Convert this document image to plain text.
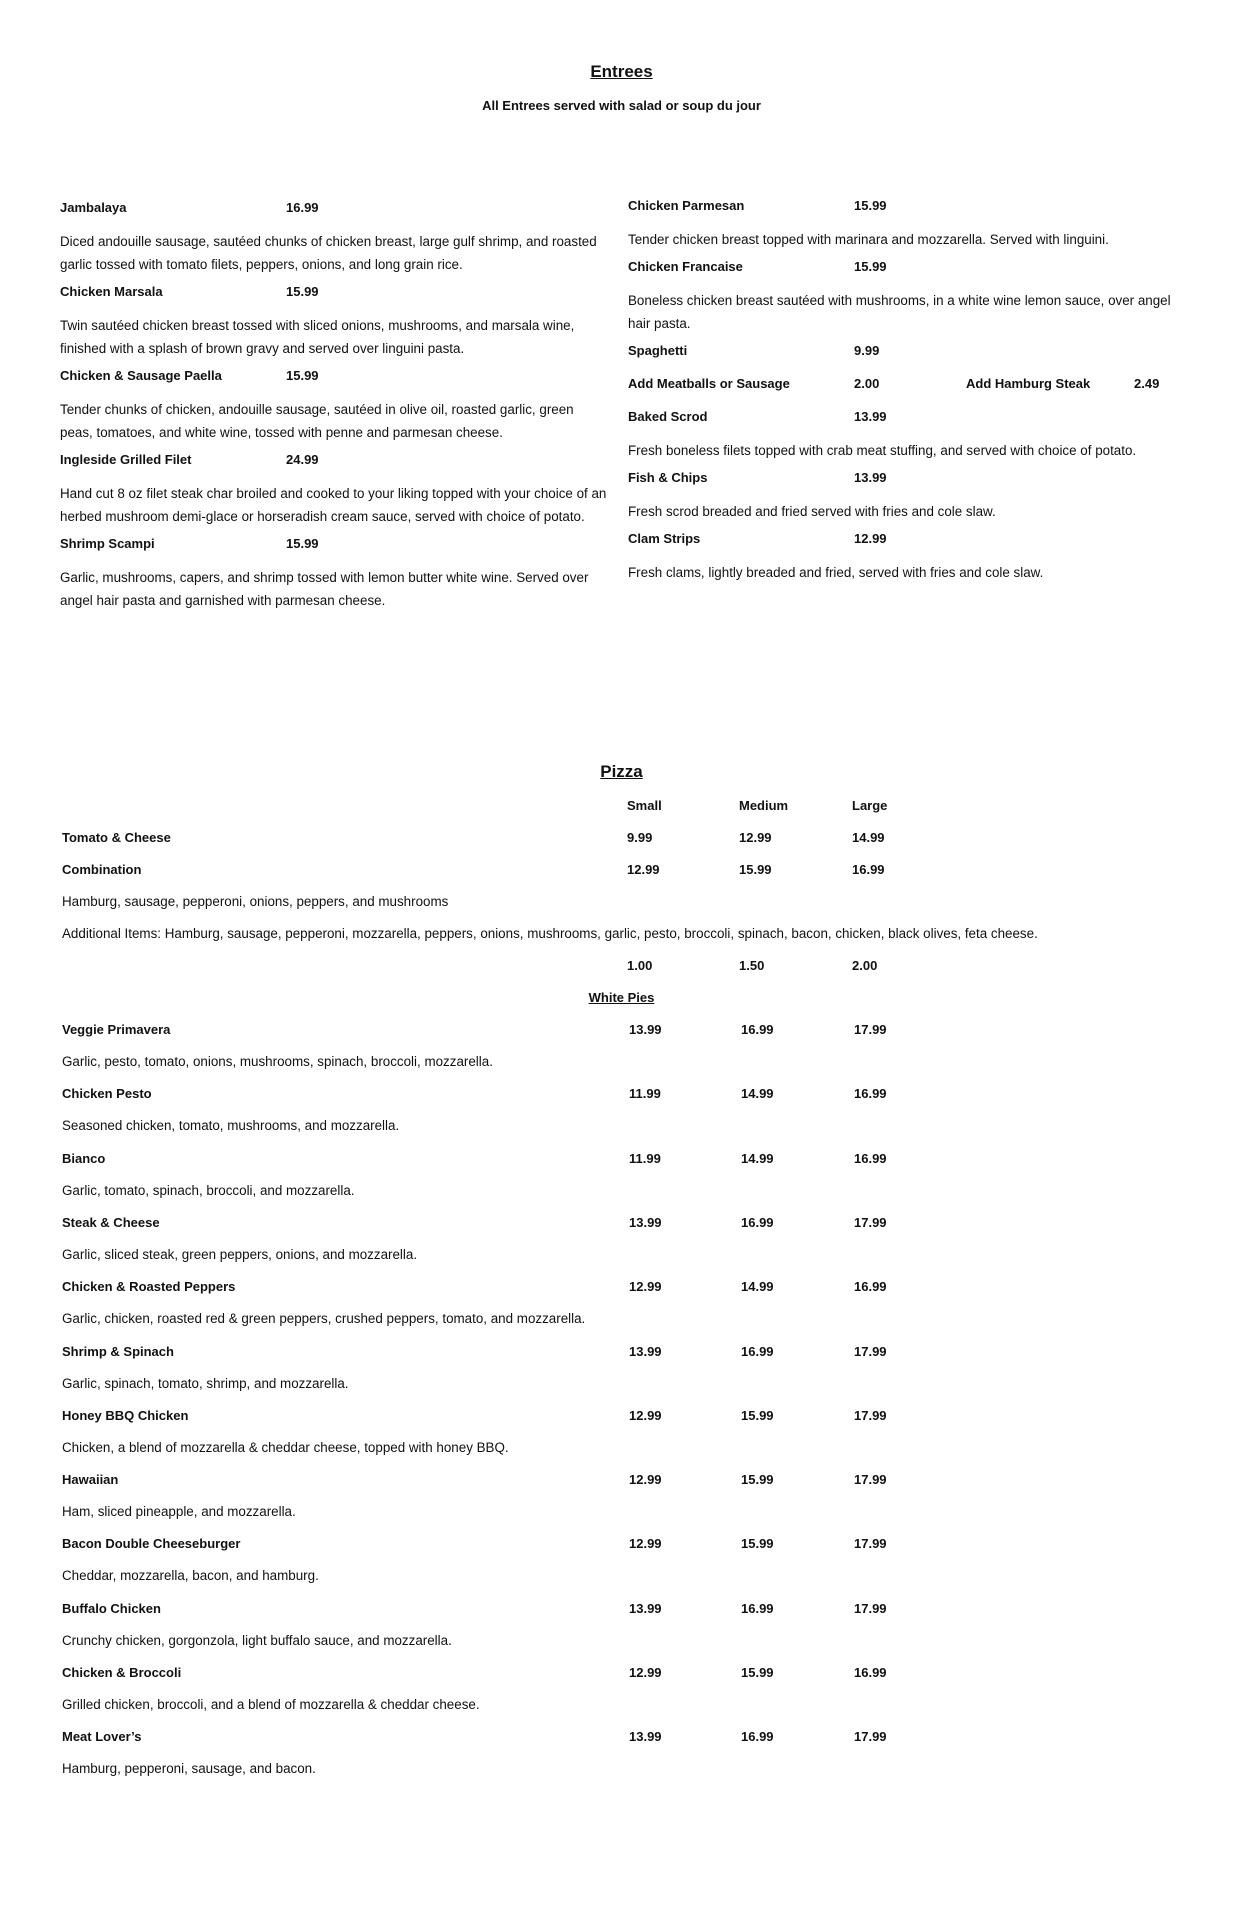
Entrees
All Entrees served with salad or soup du jour
Jambalaya	16.99

Diced andouille sausage, sautéed chunks of chicken breast, large gulf shrimp, and roasted garlic tossed with tomato filets, peppers, onions, and long grain rice.

Chicken Marsala	15.99

Twin sautéed chicken breast tossed with sliced onions, mushrooms, and marsala wine, finished with a splash of brown gravy and served over linguini pasta.

Chicken & Sausage Paella	15.99

Tender chunks of chicken, andouille sausage, sautéed in olive oil, roasted garlic, green peas, tomatoes, and white wine, tossed with penne and parmesan cheese.

Ingleside Grilled Filet	24.99

Hand cut 8 oz filet steak char broiled and cooked to your liking topped with your choice of an herbed mushroom demi-glace or horseradish cream sauce, served with choice of potato.

Shrimp Scampi	15.99

Garlic, mushrooms, capers, and shrimp tossed with lemon butter white wine. Served over angel hair pasta and garnished with parmesan cheese.

Chicken Parmesan	15.99

Tender chicken breast topped with marinara and mozzarella. Served with linguini.

Chicken Francaise	15.99

Boneless chicken breast sautéed with mushrooms, in a white wine lemon sauce, over angel hair pasta.

Spaghetti	9.99
Add Meatballs or Sausage	2.00	Add Hamburg Steak	2.49
Baked Scrod	13.99

Fresh boneless filets topped with crab meat stuffing, and served with choice of potato.

Fish & Chips	13.99

Fresh scrod breaded and fried served with fries and cole slaw.

Clam Strips	12.99

Fresh clams, lightly breaded and fried, served with fries and cole slaw.

Pizza
Small	Medium	Large
Tomato & Cheese	9.99	12.99	14.99
Combination	12.99	15.99	16.99
Hamburg, sausage, pepperoni, onions, peppers, and mushrooms
Additional Items: Hamburg, sausage, pepperoni, mozzarella, peppers, onions, mushrooms, garlic, pesto, broccoli, spinach, bacon, chicken, black olives, feta cheese.
1.00	1.50	2.00
White Pies
Veggie Primavera	13.99	16.99	17.99
Garlic, pesto, tomato, onions, mushrooms, spinach, broccoli, mozzarella.
Chicken Pesto	11.99	14.99	16.99
Seasoned chicken, tomato, mushrooms, and mozzarella.
Bianco	11.99	14.99	16.99
Garlic, tomato, spinach, broccoli, and mozzarella.
Steak & Cheese	13.99	16.99	17.99
Garlic, sliced steak, green peppers, onions, and mozzarella.
Chicken & Roasted Peppers	12.99	14.99	16.99
Garlic, chicken, roasted red & green peppers, crushed peppers, tomato, and mozzarella.
Shrimp & Spinach	13.99	16.99	17.99
Garlic, spinach, tomato, shrimp, and mozzarella.
Honey BBQ Chicken	12.99	15.99	17.99
Chicken, a blend of mozzarella & cheddar cheese, topped with honey BBQ.
Hawaiian	12.99	15.99	17.99
Ham, sliced pineapple, and mozzarella.
Bacon Double Cheeseburger	12.99	15.99	17.99
Cheddar, mozzarella, bacon, and hamburg.
Buffalo Chicken	13.99	16.99	17.99
Crunchy chicken, gorgonzola, light buffalo sauce, and mozzarella.
Chicken & Broccoli	12.99	15.99	16.99
Grilled chicken, broccoli, and a blend of mozzarella & cheddar cheese.
Meat Lover’s	13.99	16.99	17.99
Hamburg, pepperoni, sausage, and bacon.
